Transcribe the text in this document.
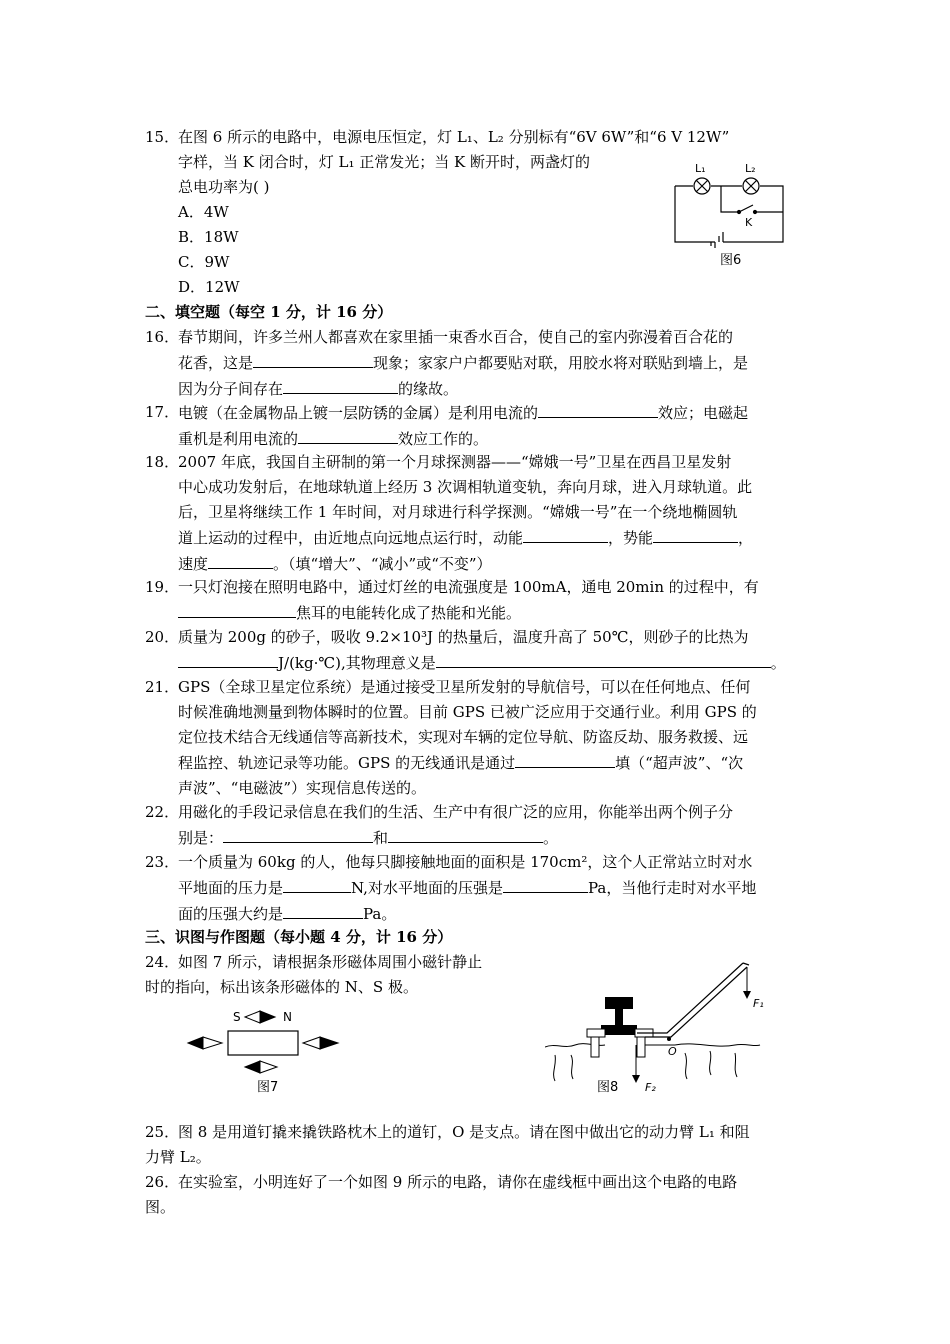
15．
在图 6 所示的电路中，电源电压恒定，灯 L₁、L₂ 分别标有“6V 6W”和“6 V 12W”
字样，当 K 闭合时，灯 L₁ 正常发光；当 K 断开时，两盏灯的
总电功率为( )
A．4W
B．18W
C．9W
D．12W
L₁	L₂
K
图6
二、填空题（每空 1 分，计 16 分）
16．
春节期间，许多兰州人都喜欢在家里插一束香水百合，使自己的室内弥漫着百合花的
花香，这是	现象；家家户户都要贴对联，用胶水将对联贴到墙上，是
因为分子间存在	的缘故。
17．
电镀（在金属物品上镀一层防锈的金属）是利用电流的	效应；电磁起
重机是利用电流的	效应工作的。
18．
2007 年底，我国自主研制的第一个月球探测器——“嫦娥一号”卫星在西昌卫星发射
中心成功发射后，在地球轨道上经历 3 次调相轨道变轨，奔向月球，进入月球轨道。此
后，卫星将继续工作 1 年时间，对月球进行科学探测。“嫦娥一号”在一个绕地椭圆轨
道上运动的过程中，由近地点向远地点运行时，动能	，势能	，
速度	。（填“增大”、“减小”或“不变”）
19．
一只灯泡接在照明电路中，通过灯丝的电流强度是 100mA，通电 20min 的过程中，有
焦耳的电能转化成了热能和光能。
20．
质量为 200g 的砂子，吸收 9.2×10³J 的热量后，温度升高了 50℃，则砂子的比热为
J/(kg·℃),其物理意义是	。
21．
GPS（全球卫星定位系统）是通过接受卫星所发射的导航信号，可以在任何地点、任何
时候准确地测量到物体瞬时的位置。目前 GPS 已被广泛应用于交通行业。利用 GPS 的
定位技术结合无线通信等高新技术，实现对车辆的定位导航、防盗反劫、服务救援、远
程监控、轨迹记录等功能。GPS 的无线通讯是通过	填（“超声波”、“次
声波”、“电磁波”）实现信息传送的。
22．
用磁化的手段记录信息在我们的生活、生产中有很广泛的应用，你能举出两个例子分
别是：	和	。
23．
一个质量为 60kg 的人，他每只脚接触地面的面积是 170cm²，这个人正常站立时对水
平地面的压力是	N,对水平地面的压强是	Pa，当他行走时对水平地
面的压强大约是	Pa。
三、识图与作图题（每小题 4 分，计 16 分）
24．
如图 7 所示，请根据条形磁体周围小磁针静止
时的指向，标出该条形磁体的 N、S 极。
S	N
图7
F₁
F₂
O
图8
25．
图 8 是用道钉撬来撬铁路枕木上的道钉，O 是支点。请在图中做出它的动力臂 L₁ 和阻
力臂 L₂。
26．
在实验室，小明连好了一个如图 9 所示的电路，请你在虚线框中画出这个电路的电路
图。
